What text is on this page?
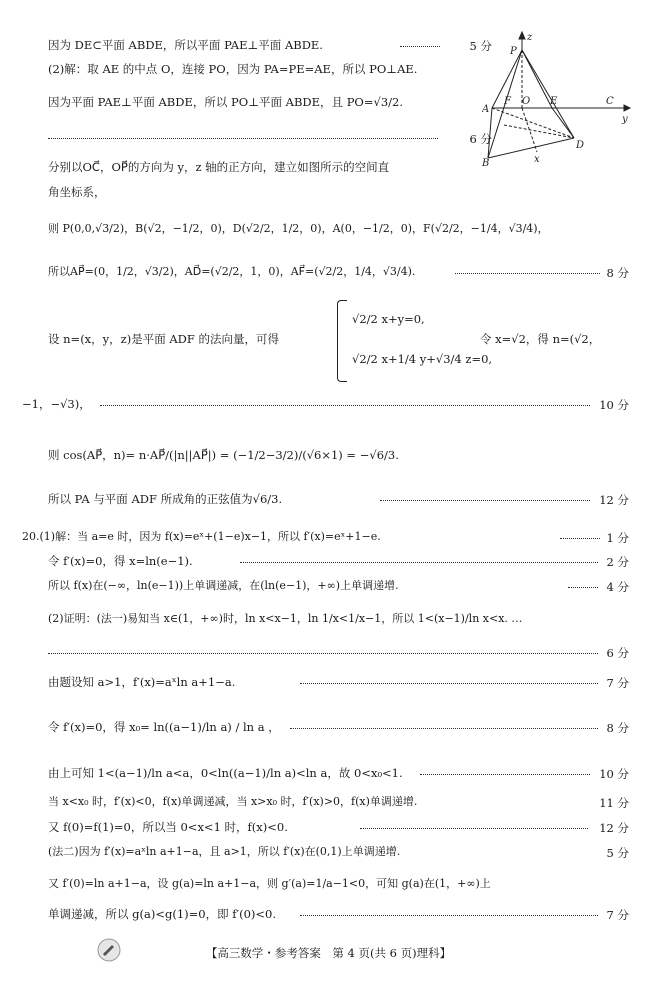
因为 DE⊂平面 ABDE，所以平面 PAE⊥平面 ABDE.	5 分
(2)解：取 AE 的中点 O，连接 PO，因为 PA=PE=AE，所以 PO⊥AE.
因为平面 PAE⊥平面 ABDE，所以 PO⊥平面 ABDE，且 PO=√3/2.
6 分
分别以OC⃗，OP⃗的方向为 y，z 轴的正方向，建立如图所示的空间直
角坐标系，
P
z
A
B
F O E	C
y
D
x
则 P(0,0,√3/2)，B(√2，−1/2，0)，D(√2/2，1/2，0)，A(0，−1/2，0)，F(√2/2，−1/4，√3/4)，
所以AP⃗=(0，1/2，√3/2)，AD⃗=(√2/2，1，0)，AF⃗=(√2/2，1/4，√3/4).	8 分
设 n=(x，y，z)是平面 ADF 的法向量，可得
√2/2 x+y=0,
√2/2 x+1/4 y+√3/4 z=0,
令 x=√2，得 n=(√2，
−1，−√3)，	10 分
则 cos(AP⃗，n)= n·AP⃗/(|n||AP⃗|) = (−1/2−3/2)/(√6×1) = −√6/3.
所以 PA 与平面 ADF 所成角的正弦值为√6/3.	12 分
20.(1)解：当 a=e 时，因为 f(x)=eˣ+(1−e)x−1，所以 f′(x)=eˣ+1−e.	1 分
令 f′(x)=0，得 x=ln(e−1).	2 分
所以 f(x)在(−∞，ln(e−1))上单调递减，在(ln(e−1)，+∞)上单调递增.	4 分
(2)证明：(法一)易知当 x∈(1，+∞)时，ln x<x−1，ln 1/x<1/x−1，所以 1<(x−1)/ln x<x. …
6 分
由题设知 a>1，f′(x)=aˣln a+1−a.	7 分
令 f′(x)=0，得 x₀= ln((a−1)/ln a) / ln a ，	8 分
由上可知 1<(a−1)/ln a<a，0<ln((a−1)/ln a)<ln a，故 0<x₀<1.	10 分
当 x<x₀ 时，f′(x)<0，f(x)单调递减，当 x>x₀ 时，f′(x)>0，f(x)单调递增.	11 分
又 f(0)=f(1)=0，所以当 0<x<1 时，f(x)<0.	12 分
(法二)因为 f′(x)=aˣln a+1−a，且 a>1，所以 f′(x)在(0,1)上单调递增.	5 分
又 f′(0)=ln a+1−a，设 g(a)=ln a+1−a，则 g′(a)=1/a−1<0，可知 g(a)在(1，+∞)上
单调递减，所以 g(a)<g(1)=0，即 f′(0)<0.	7 分
【高三数学・参考答案　第 4 页(共 6 页)理科】
